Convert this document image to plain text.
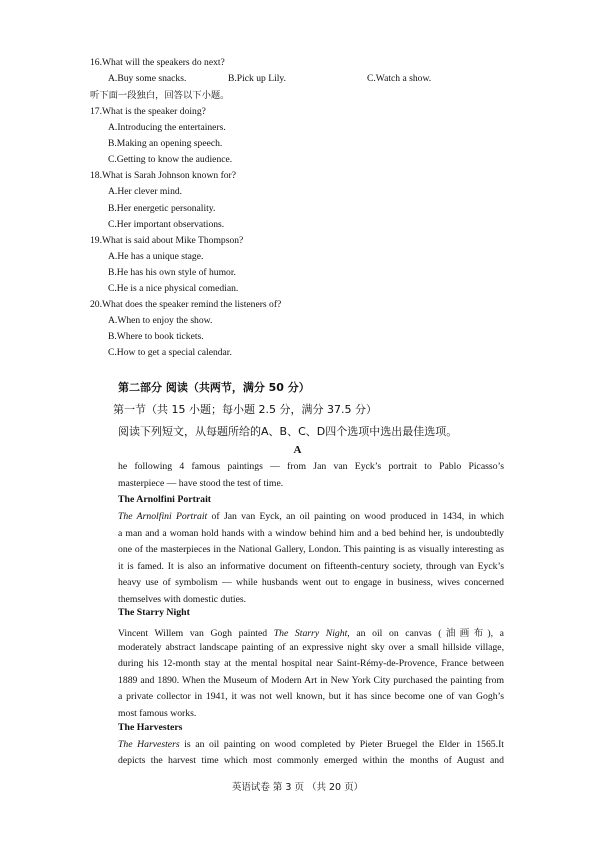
16.What will the speakers do next?
A.Buy some snacks.	B.Pick up Lily.	C.Watch a show.
听下面一段独白，回答以下小题。
17.What is the speaker doing?
A.Introducing the entertainers.
B.Making an opening speech.
C.Getting to know the audience.
18.What is Sarah Johnson known for?
A.Her clever mind.
B.Her energetic personality.
C.Her important observations.
19.What is said about Mike Thompson?
A.He has a unique stage.
B.He has his own style of humor.
C.He is a nice physical comedian.
20.What does the speaker remind the listeners of?
A.When to enjoy the show.
B.Where to book tickets.
C.How to get a special calendar.
第二部分 阅读（共两节，满分 50 分）
第一节（共 15 小题；每小题 2.5 分，满分 37.5 分）
阅读下列短文，从每题所给的A、B、C、D四个选项中选出最佳选项。
A
he following 4 famous paintings — from Jan van Eyck’s portrait to Pablo Picasso’s
masterpiece — have stood the test of time.
The Arnolfini Portrait
The Arnolfini Portrait of Jan van Eyck, an oil painting on wood produced in 1434, in which
a man and a woman hold hands with a window behind him and a bed behind her, is undoubtedly
one of the masterpieces in the National Gallery, London. This painting is as visually interesting as
it is famed. It is also an informative document on fifteenth-century society, through van Eyck’s
heavy use of symbolism — while husbands went out to engage in business, wives concerned
themselves with domestic duties.
The Starry Night
Vincent Willem van Gogh painted The Starry Night, an oil on canvas (油画布), a
moderately abstract landscape painting of an expressive night sky over a small hillside village,
during his 12-month stay at the mental hospital near Saint-Rémy-de-Provence, France between
1889 and 1890. When the Museum of Modern Art in New York City purchased the painting from
a private collector in 1941, it was not well known, but it has since become one of van Gogh’s
most famous works.
The Harvesters
The Harvesters is an oil painting on wood completed by Pieter Bruegel the Elder in 1565.It
depicts the harvest time which most commonly emerged within the months of August and
英语试卷 第 3 页 （共 20 页）
